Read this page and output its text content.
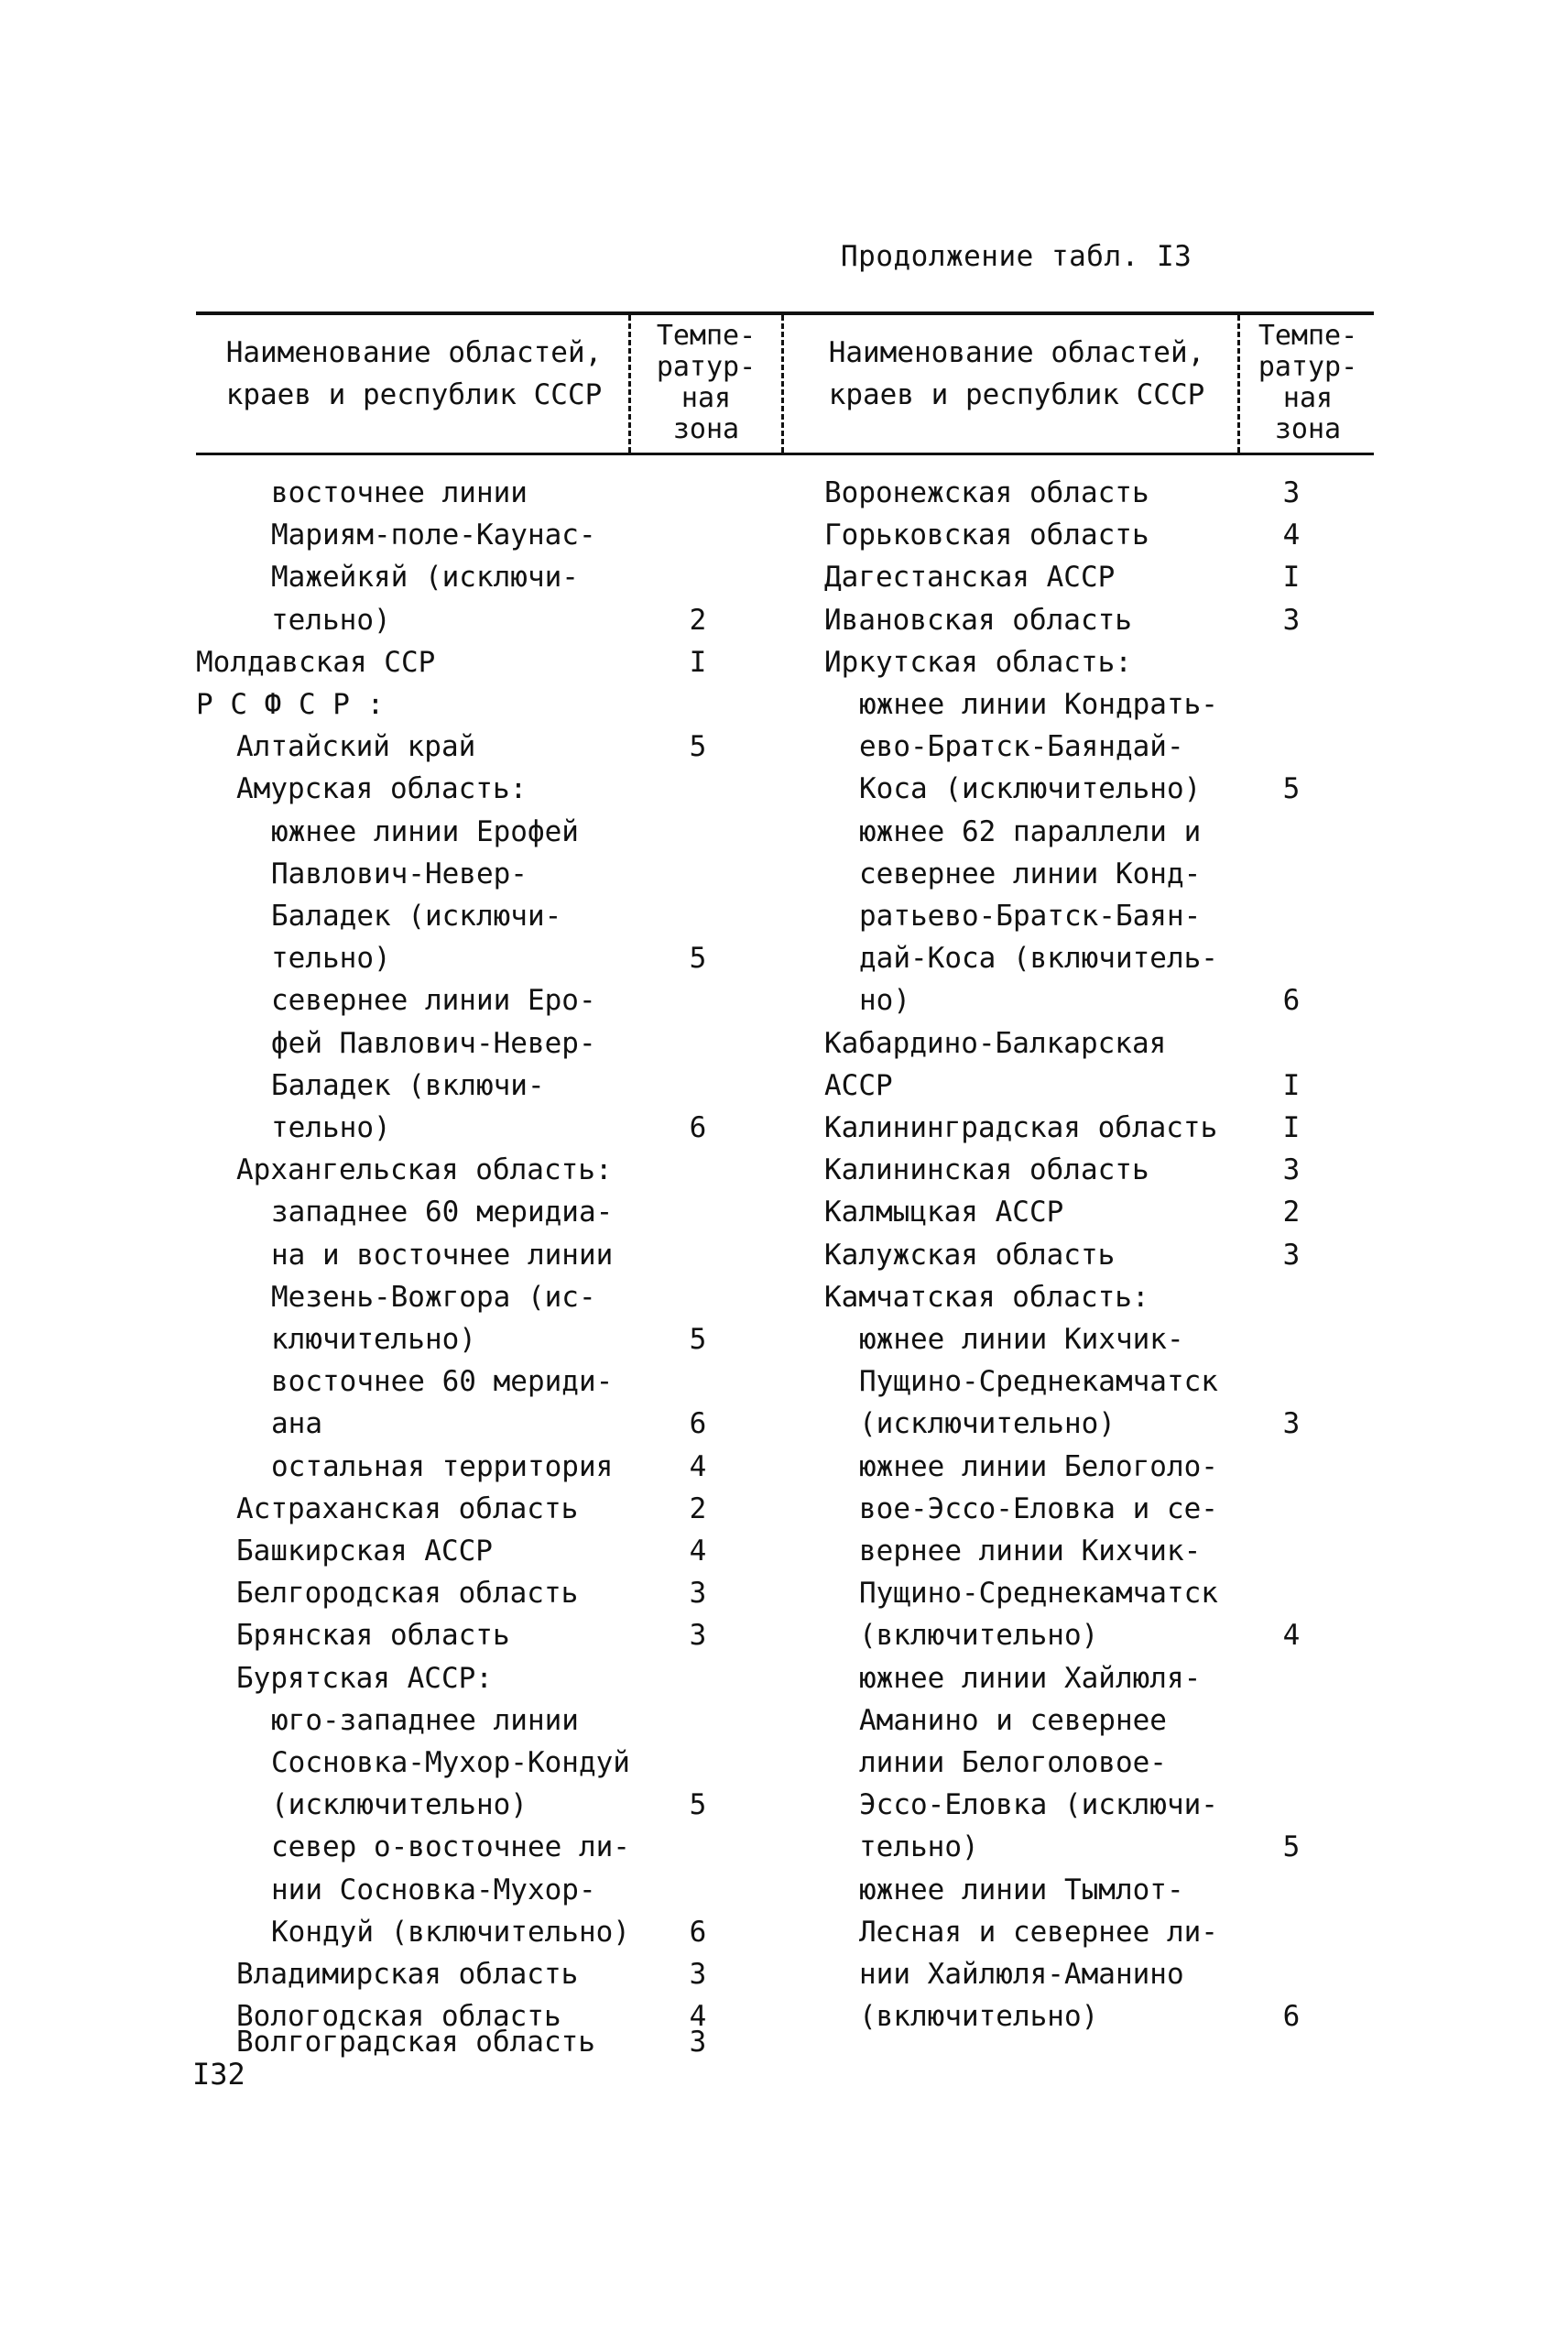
Продолжение табл. I3
Наименование областей,
краев и республик СССР
Темпе-
ратур-
ная
зона
Наименование областей,
краев и республик СССР
Темпе-
ратур-
ная
зона
восточнее линии
Мариям-поле-Каунас-
Мажейкяй (исключи-
тельно)	2
Молдавская ССР	I
Р С Ф С Р :
Алтайский край	5
Амурская область:
южнее линии Ерофей
Павлович-Невер-
Баладек (исключи-
тельно)	5
севернее линии Еро-
фей Павлович-Невер-
Баладек (включи-
тельно)	6
Архангельская область:
западнее 60 меридиа-
на и восточнее линии
Мезень-Вожгора (ис-
ключительно)	5
восточнее 60 мериди-
ана	6
остальная территория	4
Астраханская область	2
Башкирская АССР	4
Белгородская область	3
Брянская область	3
Бурятская АССР:
юго-западнее линии
Сосновка-Мухор-Кондуй
(исключительно)	5
север о-восточнее ли-
нии Сосновка-Мухор-
Кондуй (включительно)	6
Владимирская область	3
Вологодская область	4
Волгоградская область	3
Воронежская область	3
Горьковская область	4
Дагестанская АССР	I
Ивановская область	3
Иркутская область:
южнее линии Кондрать-
ево-Братск-Баяндай-
Коса (исключительно)	5
южнее 62 параллели и
севернее линии Конд-
ратьево-Братск-Баян-
дай-Коса (включитель-
но)	6
Кабардино-Балкарская
АССР	I
Калининградская область	I
Калининская область	3
Калмыцкая АССР	2
Калужская область	3
Камчатская область:
южнее линии Кихчик-
Пущино-Среднекамчатск
(исключительно)	3
южнее линии Белоголо-
вое-Эссо-Еловка и се-
вернее линии Кихчик-
Пущино-Среднекамчатск
(включительно)	4
южнее линии Хайлюля-
Аманино и севернее
линии Белоголовое-
Эссо-Еловка (исключи-
тельно)	5
южнее линии Тымлот-
Лесная и севернее ли-
нии Хайлюля-Аманино
(включительно)	6
I32
